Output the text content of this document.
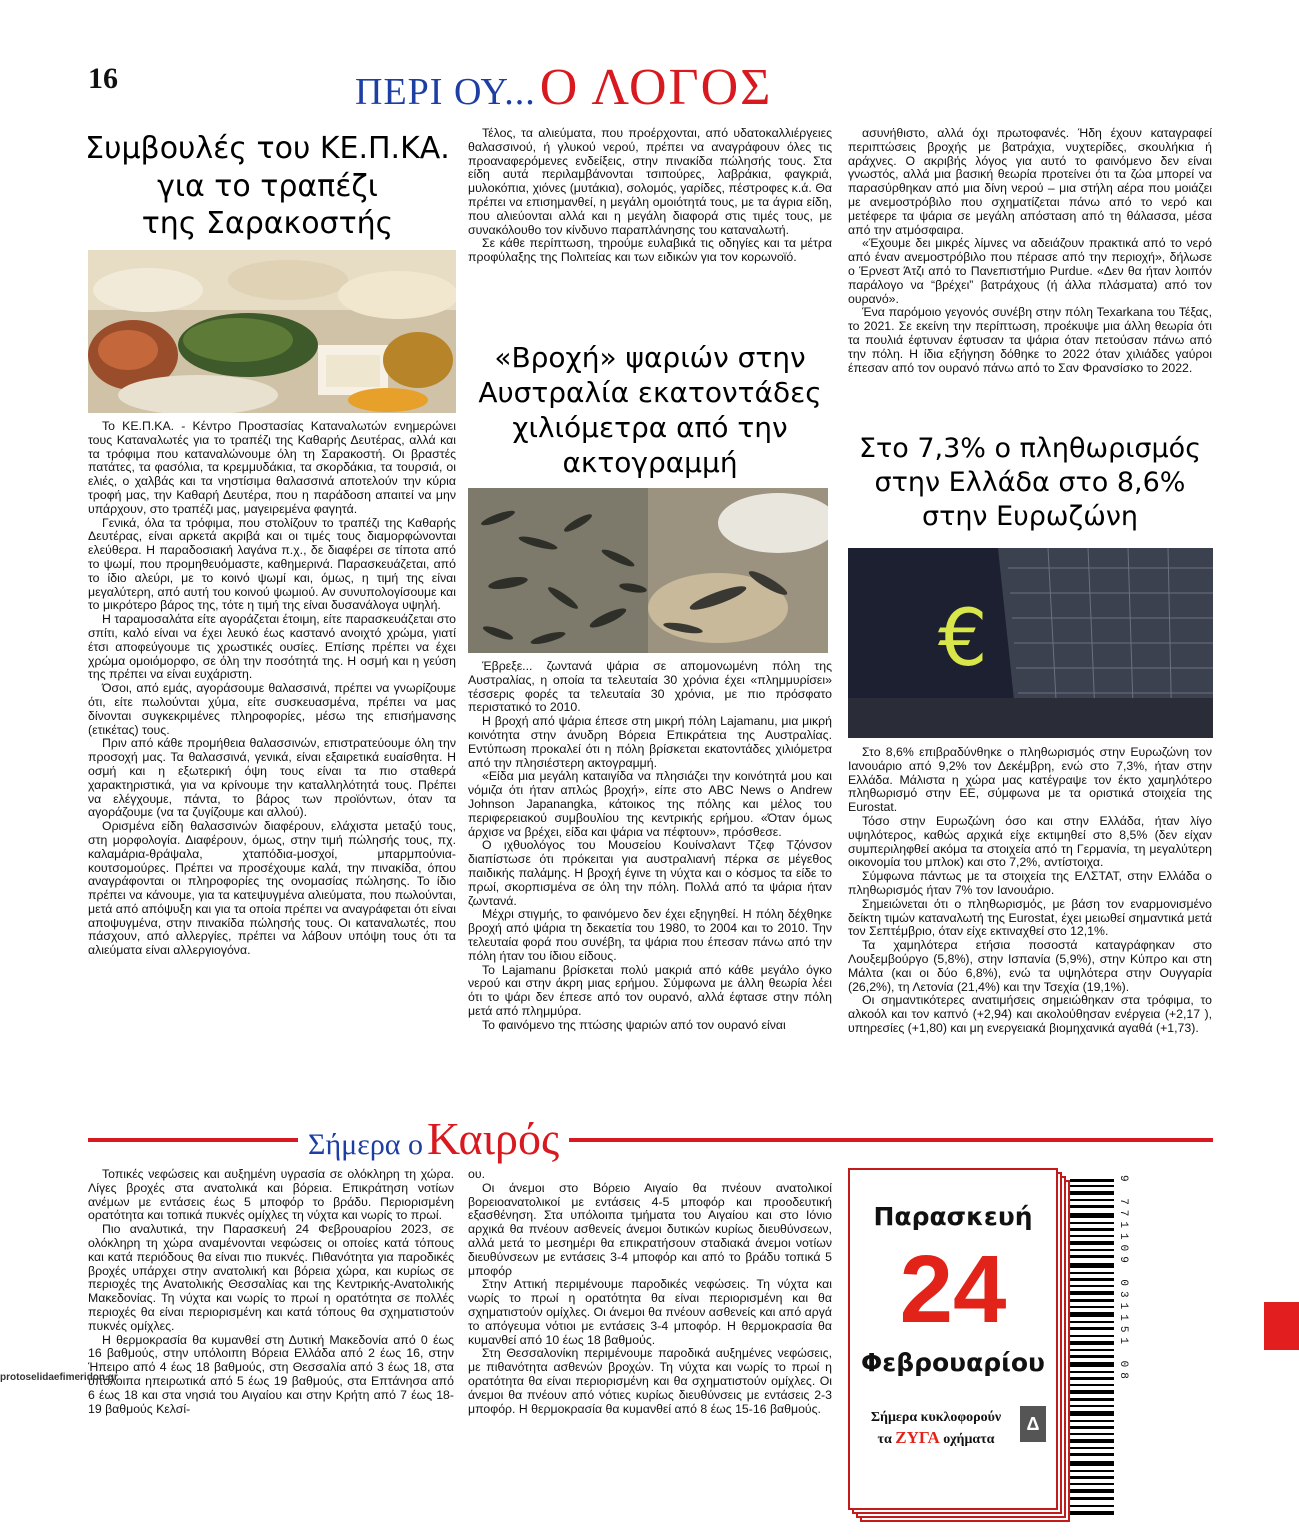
16	ΠΕΡΙ ΟΥ... Ο ΛΟΓΟΣ
Συμβουλές του ΚΕ.Π.ΚΑ.
για το τραπέζι
της Σαρακοστής

Το ΚΕ.Π.ΚΑ. - Κέντρο Προστασίας Καταναλωτών ενημερώνει τους Καταναλωτές για το τραπέζι της Καθαρής Δευτέρας, αλλά και τα τρόφιμα που καταναλώνουμε όλη τη Σαρακοστή. Οι βραστές πατάτες, τα φασόλια, τα κρεμμυδάκια, τα σκορδάκια, τα τουρσιά, οι ελιές, ο χαλβάς και τα νηστίσιμα θαλασσινά αποτελούν την κύρια τροφή μας, την Καθαρή Δευτέρα, που η παράδοση απαιτεί να μην υπάρχουν, στο τραπέζι μας, μαγειρεμένα φαγητά.

Γενικά, όλα τα τρόφιμα, που στολίζουν το τραπέζι της Καθαρής Δευτέρας, είναι αρκετά ακριβά και οι τιμές τους διαμορφώνονται ελεύθερα. Η παραδοσιακή λαγάνα π.χ., δε διαφέρει σε τίποτα από το ψωμί, που προμηθευόμαστε, καθημερινά. Παρασκευάζεται, από το ίδιο αλεύρι, με το κοινό ψωμί και, όμως, η τιμή της είναι μεγαλύτερη, από αυτή του κοινού ψωμιού. Αν συνυπολογίσουμε και το μικρότερο βάρος της, τότε η τιμή της είναι δυσανάλογα υψηλή.

Η ταραμοσαλάτα είτε αγοράζεται έτοιμη, είτε παρασκευάζεται στο σπίτι, καλό είναι να έχει λευκό έως καστανό ανοιχτό χρώμα, γιατί έτσι αποφεύγουμε τις χρωστικές ουσίες. Επίσης πρέπει να έχει χρώμα ομοιόμορφο, σε όλη την ποσότητά της. Η οσμή και η γεύση της πρέπει να είναι ευχάριστη.

Όσοι, από εμάς, αγοράσουμε θαλασσινά, πρέπει να γνωρίζουμε ότι, είτε πωλούνται χύμα, είτε συσκευασμένα, πρέπει να μας δίνονται συγκεκριμένες πληροφορίες, μέσω της επισήμανσης (ετικέτας) τους.

Πριν από κάθε προμήθεια θαλασσινών, επιστρατεύουμε όλη την προσοχή μας. Τα θαλασσινά, γενικά, είναι εξαιρετικά ευαίσθητα. Η οσμή και η εξωτερική όψη τους είναι τα πιο σταθερά χαρακτηριστικά, για να κρίνουμε την καταλληλότητά τους. Πρέπει να ελέγχουμε, πάντα, το βάρος των προϊόντων, όταν τα αγοράζουμε (να τα ζυγίζουμε και αλλού).

Ορισμένα είδη θαλασσινών διαφέρουν, ελάχιστα μεταξύ τους, στη μορφολογία. Διαφέρουν, όμως, στην τιμή πώλησής τους, πχ. καλαμάρια-θράψαλα, χταπόδια-μοσχοί, μπαρμπούνια-κουτσομούρες. Πρέπει να προσέχουμε καλά, την πινακίδα, όπου αναγράφονται οι πληροφορίες της ονομασίας πώλησης. Το ίδιο πρέπει να κάνουμε, για τα κατεψυγμένα αλιεύματα, που πωλούνται, μετά από απόψυξη και για τα οποία πρέπει να αναγράφεται ότι είναι αποψυγμένα, στην πινακίδα πώλησής τους. Οι καταναλωτές, που πάσχουν, από αλλεργίες, πρέπει να λάβουν υπόψη τους ότι τα αλιεύματα είναι αλλεργιογόνα.

Τέλος, τα αλιεύματα, που προέρχονται, από υδατοκαλλιέργειες θαλασσινού, ή γλυκού νερού, πρέπει να αναγράφουν όλες τις προαναφερόμενες ενδείξεις, στην πινακίδα πώλησής τους. Στα είδη αυτά περιλαμβάνονται τσιπούρες, λαβράκια, φαγκριά, μυλοκόπια, χιόνες (μυτάκια), σολομός, γαρίδες, πέστροφες κ.ά. Θα πρέπει να επισημανθεί, η μεγάλη ομοιότητά τους, με τα άγρια είδη, που αλιεύονται αλλά και η μεγάλη διαφορά στις τιμές τους, με συνακόλουθο τον κίνδυνο παραπλάνησης του καταναλωτή.

Σε κάθε περίπτωση, τηρούμε ευλαβικά τις οδηγίες και τα μέτρα προφύλαξης της Πολιτείας και των ειδικών για τον κορωνοϊό.

«Βροχή» ψαριών στην
Αυστραλία εκατοντάδες
χιλιόμετρα από την
ακτογραμμή

Έβρεξε... ζωντανά ψάρια σε απομονωμένη πόλη της Αυστραλίας, η οποία τα τελευταία 30 χρόνια έχει «πλημμυρίσει» τέσσερις φορές τα τελευταία 30 χρόνια, με πιο πρόσφατο περιστατικό το 2010.

Η βροχή από ψάρια έπεσε στη μικρή πόλη Lajamanu, μια μικρή κοινότητα στην άνυδρη Βόρεια Επικράτεια της Αυστραλίας. Εντύπωση προκαλεί ότι η πόλη βρίσκεται εκατοντάδες χιλιόμετρα από την πλησιέστερη ακτογραμμή.

«Είδα μια μεγάλη καταιγίδα να πλησιάζει την κοινότητά μου και νόμιζα ότι ήταν απλώς βροχή», είπε στο ABC News ο Andrew Johnson Japanangka, κάτοικος της πόλης και μέλος του περιφερειακού συμβουλίου της κεντρικής ερήμου. «Όταν όμως άρχισε να βρέχει, είδα και ψάρια να πέφτουν», πρόσθεσε.

Ο ιχθυολόγος του Μουσείου Κουίνσλαντ Τζεφ Τζόνσον διαπίστωσε ότι πρόκειται για αυστραλιανή πέρκα σε μέγεθος παιδικής παλάμης. Η βροχή έγινε τη νύχτα και ο κόσμος τα είδε το πρωί, σκορπισμένα σε όλη την πόλη. Πολλά από τα ψάρια ήταν ζωντανά.

Μέχρι στιγμής, το φαινόμενο δεν έχει εξηγηθεί. Η πόλη δέχθηκε βροχή από ψάρια τη δεκαετία του 1980, το 2004 και το 2010. Την τελευταία φορά που συνέβη, τα ψάρια που έπεσαν πάνω από την πόλη ήταν του ίδιου είδους.

Το Lajamanu βρίσκεται πολύ μακριά από κάθε μεγάλο όγκο νερού και στην άκρη μιας ερήμου. Σύμφωνα με άλλη θεωρία λέει ότι το ψάρι δεν έπεσε από τον ουρανό, αλλά έφτασε στην πόλη μετά από πλημμύρα.

Το φαινόμενο της πτώσης ψαριών από τον ουρανό είναι

ασυνήθιστο, αλλά όχι πρωτοφανές. Ήδη έχουν καταγραφεί περιπτώσεις βροχής με βατράχια, νυχτερίδες, σκουλήκια ή αράχνες. Ο ακριβής λόγος για αυτό το φαινόμενο δεν είναι γνωστός, αλλά μια βασική θεωρία προτείνει ότι τα ζώα μπορεί να παρασύρθηκαν από μια δίνη νερού – μια στήλη αέρα που μοιάζει με ανεμοστρόβιλο που σχηματίζεται πάνω από το νερό και μετέφερε τα ψάρια σε μεγάλη απόσταση από τη θάλασσα, μέσα από την ατμόσφαιρα.

«Έχουμε δει μικρές λίμνες να αδειάζουν πρακτικά από το νερό από έναν ανεμοστρόβιλο που πέρασε από την περιοχή», δήλωσε ο Έρνεστ Άτζι από το Πανεπιστήμιο Purdue. «Δεν θα ήταν λοιπόν παράλογο να “βρέχει” βατράχους (ή άλλα πλάσματα) από τον ουρανό».

Ένα παρόμοιο γεγονός συνέβη στην πόλη Texarkana του Τέξας, το 2021. Σε εκείνη την περίπτωση, προέκυψε μια άλλη θεωρία ότι τα πουλιά έφτυναν έφτυσαν τα ψάρια όταν πετούσαν πάνω από την πόλη. Η ίδια εξήγηση δόθηκε το 2022 όταν χιλιάδες γαύροι έπεσαν από τον ουρανό πάνω από το Σαν Φρανσίσκο το 2022.

Στο 7,3% ο πληθωρισμός
στην Ελλάδα στο 8,6%
στην Ευρωζώνη
€

Στο 8,6% επιβραδύνθηκε ο πληθωρισμός στην Ευρωζώνη τον Ιανουάριο από 9,2% τον Δεκέμβρη, ενώ στο 7,3%, ήταν στην Ελλάδα. Μάλιστα η χώρα μας κατέγραψε τον έκτο χαμηλότερο πληθωρισμό στην ΕΕ, σύμφωνα με τα οριστικά στοιχεία της Eurostat.

Τόσο στην Ευρωζώνη όσο και στην Ελλάδα, ήταν λίγο υψηλότερος, καθώς αρχικά είχε εκτιμηθεί στο 8,5% (δεν είχαν συμπεριληφθεί ακόμα τα στοιχεία από τη Γερμανία, τη μεγαλύτερη οικονομία του μπλοκ) και στο 7,2%, αντίστοιχα.

Σύμφωνα πάντως με τα στοιχεία της ΕΛΣΤΑΤ, στην Ελλάδα ο πληθωρισμός ήταν 7% τον Ιανουάριο.

Σημειώνεται ότι ο πληθωρισμός, με βάση τον εναρμονισμένο δείκτη τιμών καταναλωτή της Eurostat, έχει μειωθεί σημαντικά μετά τον Σεπτέμβριο, όταν είχε εκτιναχθεί στο 12,1%.

Τα χαμηλότερα ετήσια ποσοστά καταγράφηκαν στο Λουξεμβούργο (5,8%), στην Ισπανία (5,9%), στην Κύπρο και στη Μάλτα (και οι δύο 6,8%), ενώ τα υψηλότερα στην Ουγγαρία (26,2%), τη Λετονία (21,4%) και την Τσεχία (19,1%).

Οι σημαντικότερες ανατιμήσεις σημειώθηκαν στα τρόφιμα, το αλκοόλ και τον καπνό (+2,94) και ακολούθησαν ενέργεια (+2,17 ), υπηρεσίες (+1,80) και μη ενεργειακά βιομηχανικά αγαθά (+1,73).

Σήμερα ο Καιρός

Τοπικές νεφώσεις και αυξημένη υγρασία σε ολόκληρη τη χώρα. Λίγες βροχές στα ανατολικά και βόρεια. Επικράτηση νοτίων ανέμων με εντάσεις έως 5 μποφόρ το βράδυ. Περιορισμένη ορατότητα και τοπικά πυκνές ομίχλες τη νύχτα και νωρίς το πρωί.

Πιο αναλυτικά, την Παρασκευή 24 Φεβρουαρίου 2023, σε ολόκληρη τη χώρα αναμένονται νεφώσεις οι οποίες κατά τόπους και κατά περιόδους θα είναι πιο πυκνές. Πιθανότητα για παροδικές βροχές υπάρχει στην ανατολική και βόρεια χώρα, και κυρίως σε περιοχές της Ανατολικής Θεσσαλίας και της Κεντρικής-Ανατολικής Μακεδονίας. Τη νύχτα και νωρίς το πρωί η ορατότητα σε πολλές περιοχές θα είναι περιορισμένη και κατά τόπους θα σχηματιστούν πυκνές ομίχλες.

Η θερμοκρασία θα κυμανθεί στη Δυτική Μακεδονία από 0 έως 16 βαθμούς, στην υπόλοιπη Βόρεια Ελλάδα από 2 έως 16, στην Ήπειρο από 4 έως 18 βαθμούς, στη Θεσσαλία από 3 έως 18, στα υπόλοιπα ηπειρωτικά από 5 έως 19 βαθμούς, στα Επτάνησα από 6 έως 18 και στα νησιά του Αιγαίου και στην Κρήτη από 7 έως 18-19 βαθμούς Κελσί-

ου.

Οι άνεμοι στο Βόρειο Αιγαίο θα πνέουν ανατολικοί βορειοανατολικοί με εντάσεις 4-5 μποφόρ και προοδευτική εξασθένηση. Στα υπόλοιπα τμήματα του Αιγαίου και στο Ιόνιο αρχικά θα πνέουν ασθενείς άνεμοι δυτικών κυρίως διευθύνσεων, αλλά μετά το μεσημέρι θα επικρατήσουν σταδιακά άνεμοι νοτίων διευθύνσεων με εντάσεις 3-4 μποφόρ και από το βράδυ τοπικά 5 μποφόρ

Στην Αττική περιμένουμε παροδικές νεφώσεις. Τη νύχτα και νωρίς το πρωί η ορατότητα θα είναι περιορισμένη και θα σχηματιστούν ομίχλες. Οι άνεμοι θα πνέουν ασθενείς και από αργά το απόγευμα νότιοι με εντάσεις 3-4 μποφόρ. Η θερμοκρασία θα κυμανθεί από 10 έως 18 βαθμούς.

Στη Θεσσαλονίκη περιμένουμε παροδικά αυξημένες νεφώσεις, με πιθανότητα ασθενών βροχών. Τη νύχτα και νωρίς το πρωί η ορατότητα θα είναι περιορισμένη και θα σχηματιστούν ομίχλες. Οι άνεμοι θα πνέουν από νότιες κυρίως διευθύνσεις με εντάσεις 2-3 μποφόρ. Η θερμοκρασία θα κυμανθεί από 8 έως 15-16 βαθμούς.

Παρασκευή
24
Φεβρουαρίου
Σήμερα κυκλοφορούν
τα ΖΥΓΑ οχήματα
Δ
9 771109 031151 08
protoselidaefimeridon.gr
